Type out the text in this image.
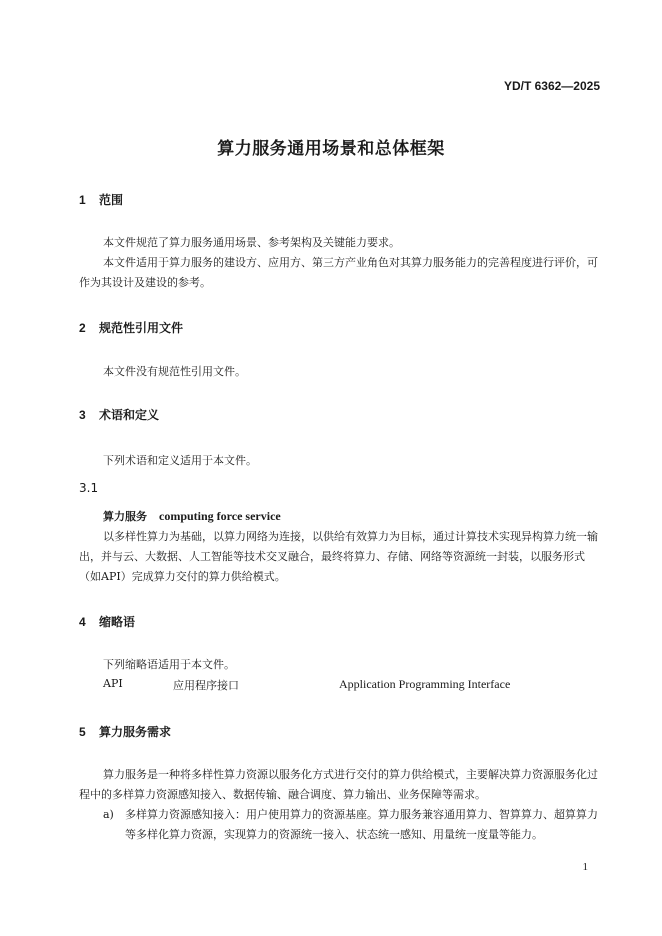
YD/T 6362—2025
算力服务通用场景和总体框架
1 范围
本文件规范了算力服务通用场景、参考架构及关键能力要求。
本文件适用于算力服务的建设方、应用方、第三方产业角色对其算力服务能力的完善程度进行评价，可作为其设计及建设的参考。
2 规范性引用文件
本文件没有规范性引用文件。
3 术语和定义
下列术语和定义适用于本文件。
3.1
算力服务 computing force service
以多样性算力为基础，以算力网络为连接，以供给有效算力为目标，通过计算技术实现异构算力统一输出，并与云、大数据、人工智能等技术交叉融合，最终将算力、存储、网络等资源统一封装，以服务形式（如API）完成算力交付的算力供给模式。
4 缩略语
下列缩略语适用于本文件。
API	应用程序接口	Application Programming Interface
5 算力服务需求
算力服务是一种将多样性算力资源以服务化方式进行交付的算力供给模式，主要解决算力资源服务化过程中的多样算力资源感知接入、数据传输、融合调度、算力输出、业务保障等需求。
a) 多样算力资源感知接入：用户使用算力的资源基座。算力服务兼容通用算力、智算算力、超算算力等多样化算力资源，实现算力的资源统一接入、状态统一感知、用量统一度量等能力。
1
